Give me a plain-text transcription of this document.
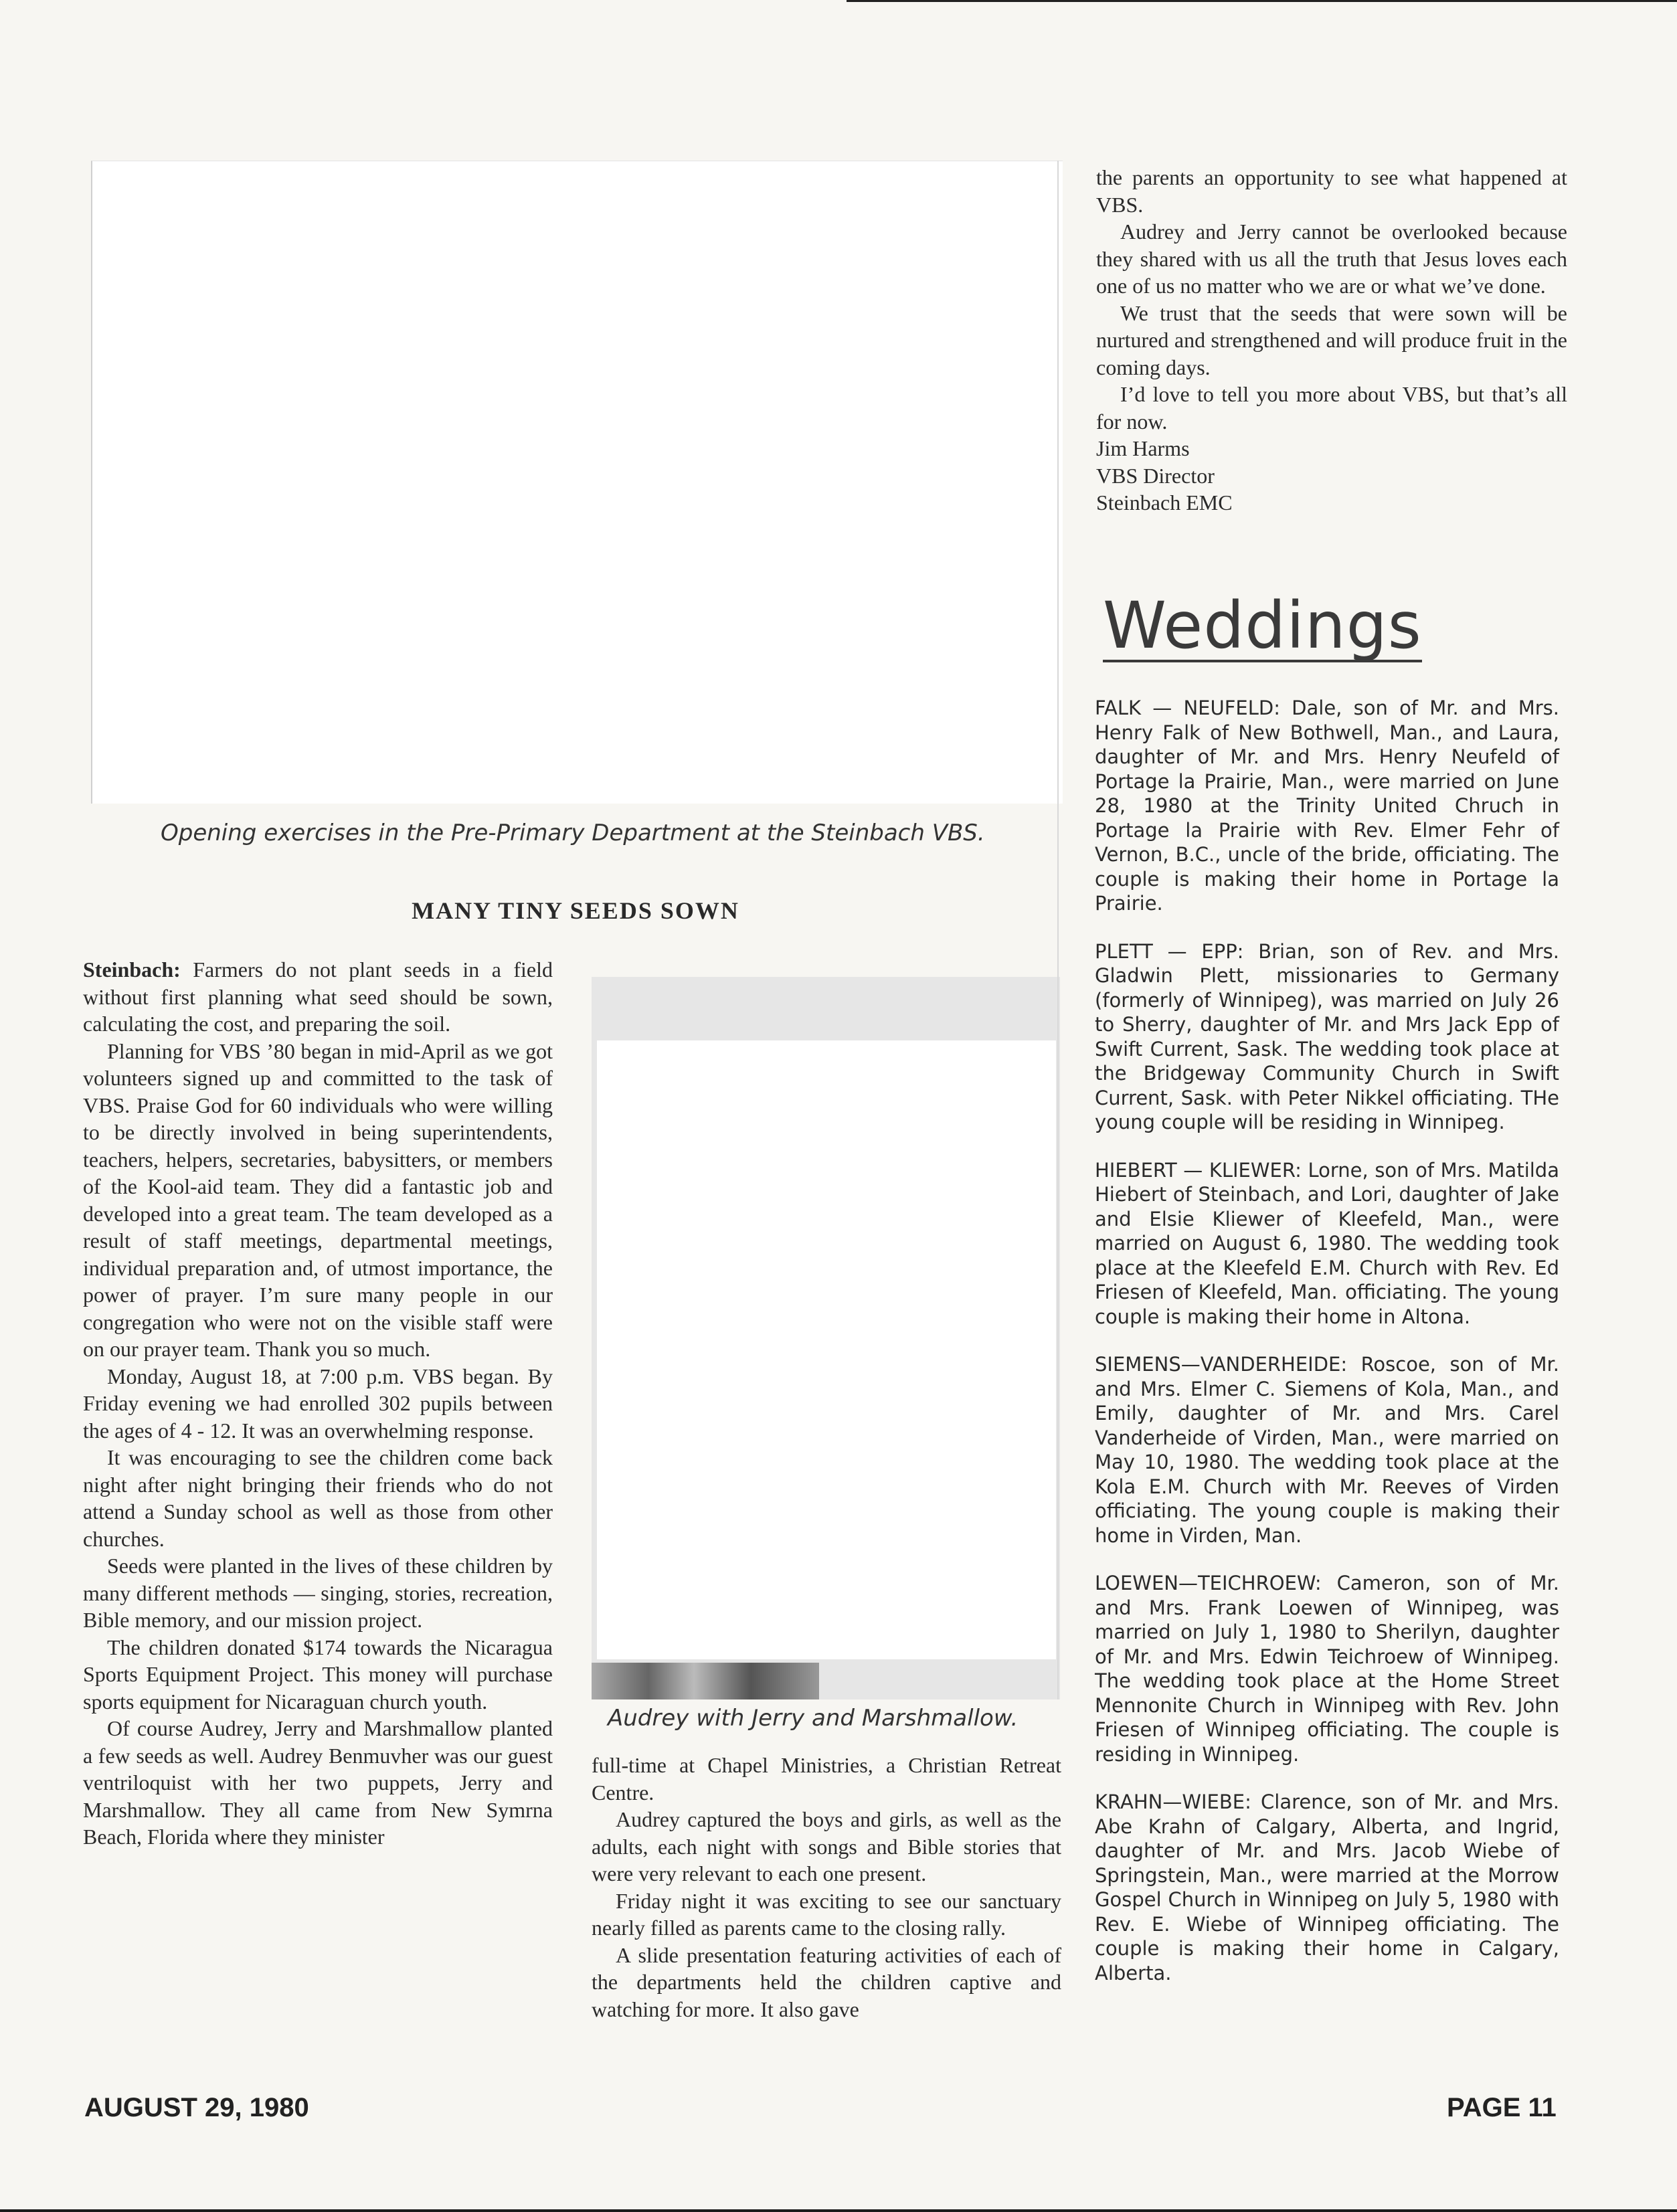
Opening exercises in the Pre-Primary Department at the Steinbach VBS.
MANY TINY SEEDS SOWN

Steinbach: Farmers do not plant seeds in a field without first planning what seed should be sown, calculating the cost, and preparing the soil.

Planning for VBS ’80 began in mid-April as we got volunteers signed up and committed to the task of VBS. Praise God for 60 individuals who were willing to be directly involved in being superintendents, teachers, helpers, secretaries, babysitters, or members of the Kool-aid team. They did a fantastic job and developed into a great team. The team developed as a result of staff meetings, departmental meetings, individual preparation and, of utmost importance, the power of prayer. I’m sure many people in our congregation who were not on the visible staff were on our prayer team. Thank you so much.

Monday, August 18, at 7:00 p.m. VBS began. By Friday evening we had enrolled 302 pupils between the ages of 4 - 12. It was an overwhelming response.

It was encouraging to see the children come back night after night bringing their friends who do not attend a Sunday school as well as those from other churches.

Seeds were planted in the lives of these children by many different methods — singing, stories, recreation, Bible memory, and our mission project.

The children donated $174 towards the Nicaragua Sports Equipment Project. This money will purchase sports equipment for Nicaraguan church youth.

Of course Audrey, Jerry and Marshmallow planted a few seeds as well. Audrey Benmuvher was our guest ventriloquist with her two puppets, Jerry and Marshmallow. They all came from New Symrna Beach, Florida where they minister

Audrey with Jerry and Marshmallow.

full-time at Chapel Ministries, a Christian Retreat Centre.

Audrey captured the boys and girls, as well as the adults, each night with songs and Bible stories that were very relevant to each one present.

Friday night it was exciting to see our sanctuary nearly filled as parents came to the closing rally.

A slide presentation featuring activities of each of the departments held the children captive and watching for more. It also gave

the parents an opportunity to see what happened at VBS.

Audrey and Jerry cannot be overlooked because they shared with us all the truth that Jesus loves each one of us no matter who we are or what we’ve done.

We trust that the seeds that were sown will be nurtured and strengthened and will produce fruit in the coming days.

I’d love to tell you more about VBS, but that’s all for now.

Jim Harms

VBS Director

Steinbach EMC

Weddings
FALK — NEUFELD: Dale, son of Mr. and Mrs. Henry Falk of New Bothwell, Man., and Laura, daughter of Mr. and Mrs. Henry Neufeld of Portage la Prairie, Man., were married on June 28, 1980 at the Trinity United Chruch in Portage la Prairie with Rev. Elmer Fehr of Vernon, B.C., uncle of the bride, officiating. The couple is making their home in Portage la Prairie.
PLETT — EPP: Brian, son of Rev. and Mrs. Gladwin Plett, missionaries to Germany (formerly of Winnipeg), was married on July 26 to Sherry, daughter of Mr. and Mrs Jack Epp of Swift Current, Sask. The wedding took place at the Bridgeway Community Church in Swift Current, Sask. with Peter Nikkel officiating. THe young couple will be residing in Winnipeg.
HIEBERT — KLIEWER: Lorne, son of Mrs. Matilda Hiebert of Steinbach, and Lori, daughter of Jake and Elsie Kliewer of Kleefeld, Man., were married on August 6, 1980. The wedding took place at the Kleefeld E.M. Church with Rev. Ed Friesen of Kleefeld, Man. officiating. The young couple is making their home in Altona.
SIEMENS—VANDERHEIDE: Roscoe, son of Mr. and Mrs. Elmer C. Siemens of Kola, Man., and Emily, daughter of Mr. and Mrs. Carel Vanderheide of Virden, Man., were married on May 10, 1980. The wedding took place at the Kola E.M. Church with Mr. Reeves of Virden officiating. The young couple is making their home in Virden, Man.
LOEWEN—TEICHROEW: Cameron, son of Mr. and Mrs. Frank Loewen of Winnipeg, was married on July 1, 1980 to Sherilyn, daughter of Mr. and Mrs. Edwin Teichroew of Winnipeg. The wedding took place at the Home Street Mennonite Church in Winnipeg with Rev. John Friesen of Winnipeg officiating. The couple is residing in Winnipeg.
KRAHN—WIEBE: Clarence, son of Mr. and Mrs. Abe Krahn of Calgary, Alberta, and Ingrid, daughter of Mr. and Mrs. Jacob Wiebe of Springstein, Man., were married at the Morrow Gospel Church in Winnipeg on July 5, 1980 with Rev. E. Wiebe of Winnipeg officiating. The couple is making their home in Calgary, Alberta.
AUGUST 29, 1980	PAGE 11
